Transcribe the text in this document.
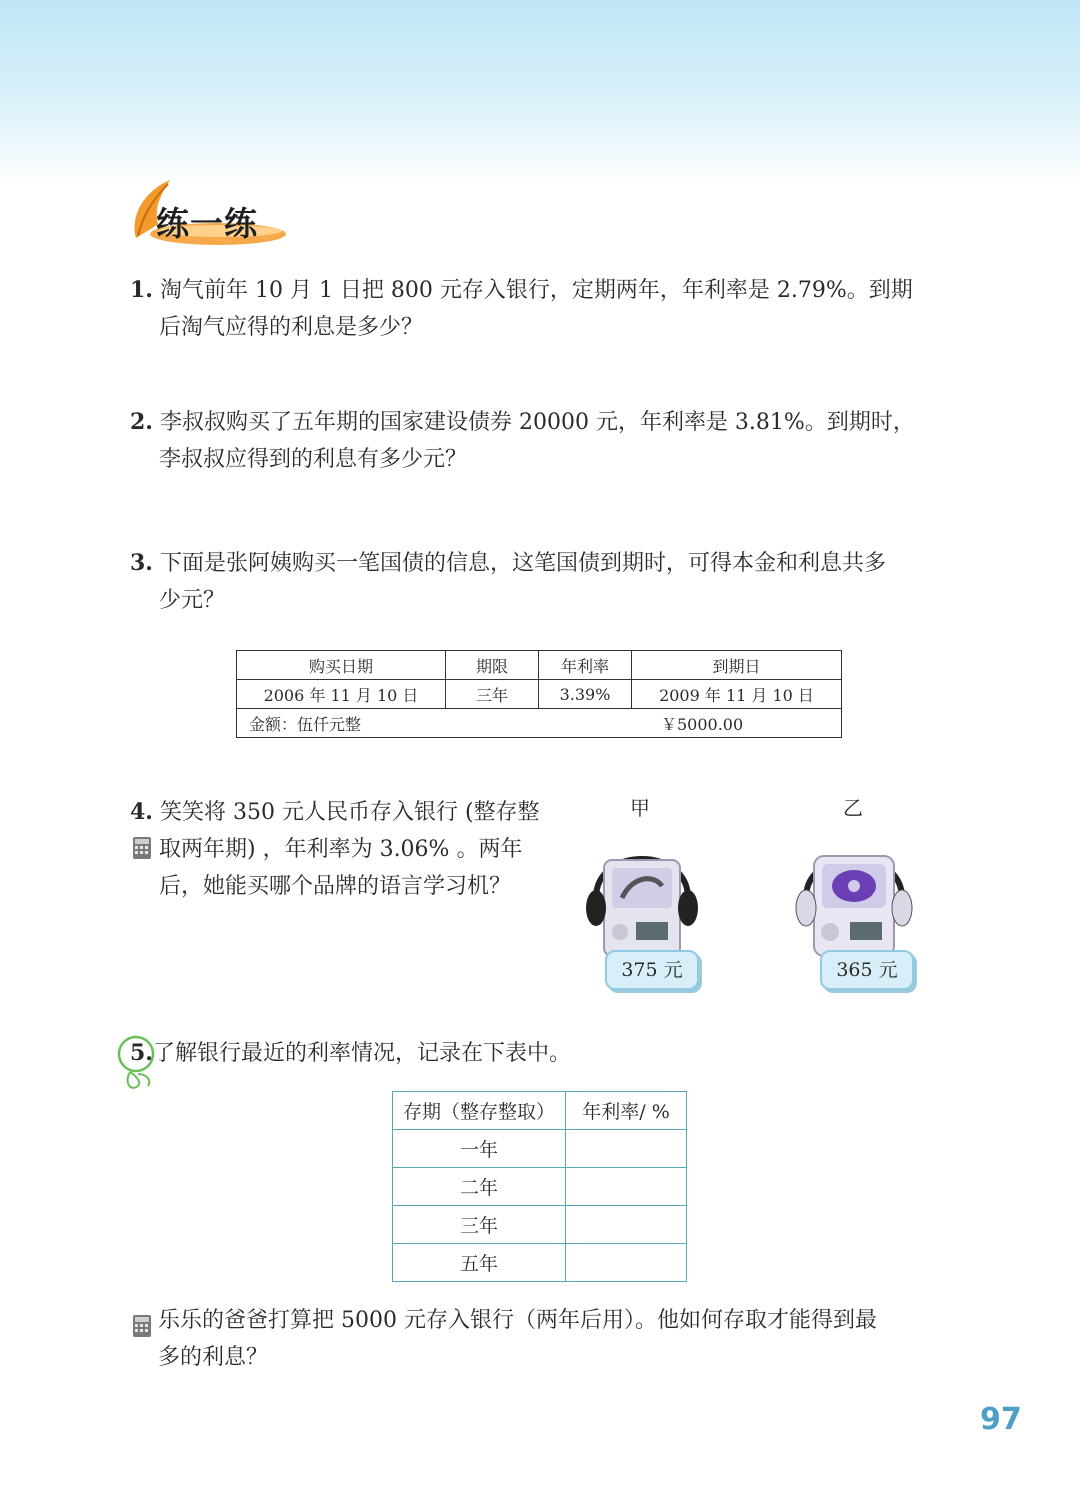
练一练
1. 淘气前年 10 月 1 日把 800 元存入银行，定期两年，年利率是 2.79%。到期
后淘气应得的利息是多少？
2. 李叔叔购买了五年期的国家建设债券 20000 元，年利率是 3.81%。到期时，
李叔叔应得到的利息有多少元？
3. 下面是张阿姨购买一笔国债的信息，这笔国债到期时，可得本金和利息共多
少元？
购买日期	期限	年利率	到期日
2006 年 11 月 10 日	三年	3.39%	2009 年 11 月 10 日
金额：伍仟元整 ￥5000.00			
4. 笑笑将 350 元人民币存入银行 (整存整
取两年期) ，年利率为 3.06% 。两年
后，她能买哪个品牌的语言学习机？
甲
375 元
乙
365 元
5.了解银行最近的利率情况，记录在下表中。
存期（整存整取）	年利率/ %
一年	
二年	
三年	
五年	
乐乐的爸爸打算把 5000 元存入银行（两年后用）。他如何存取才能得到最
多的利息？
97
